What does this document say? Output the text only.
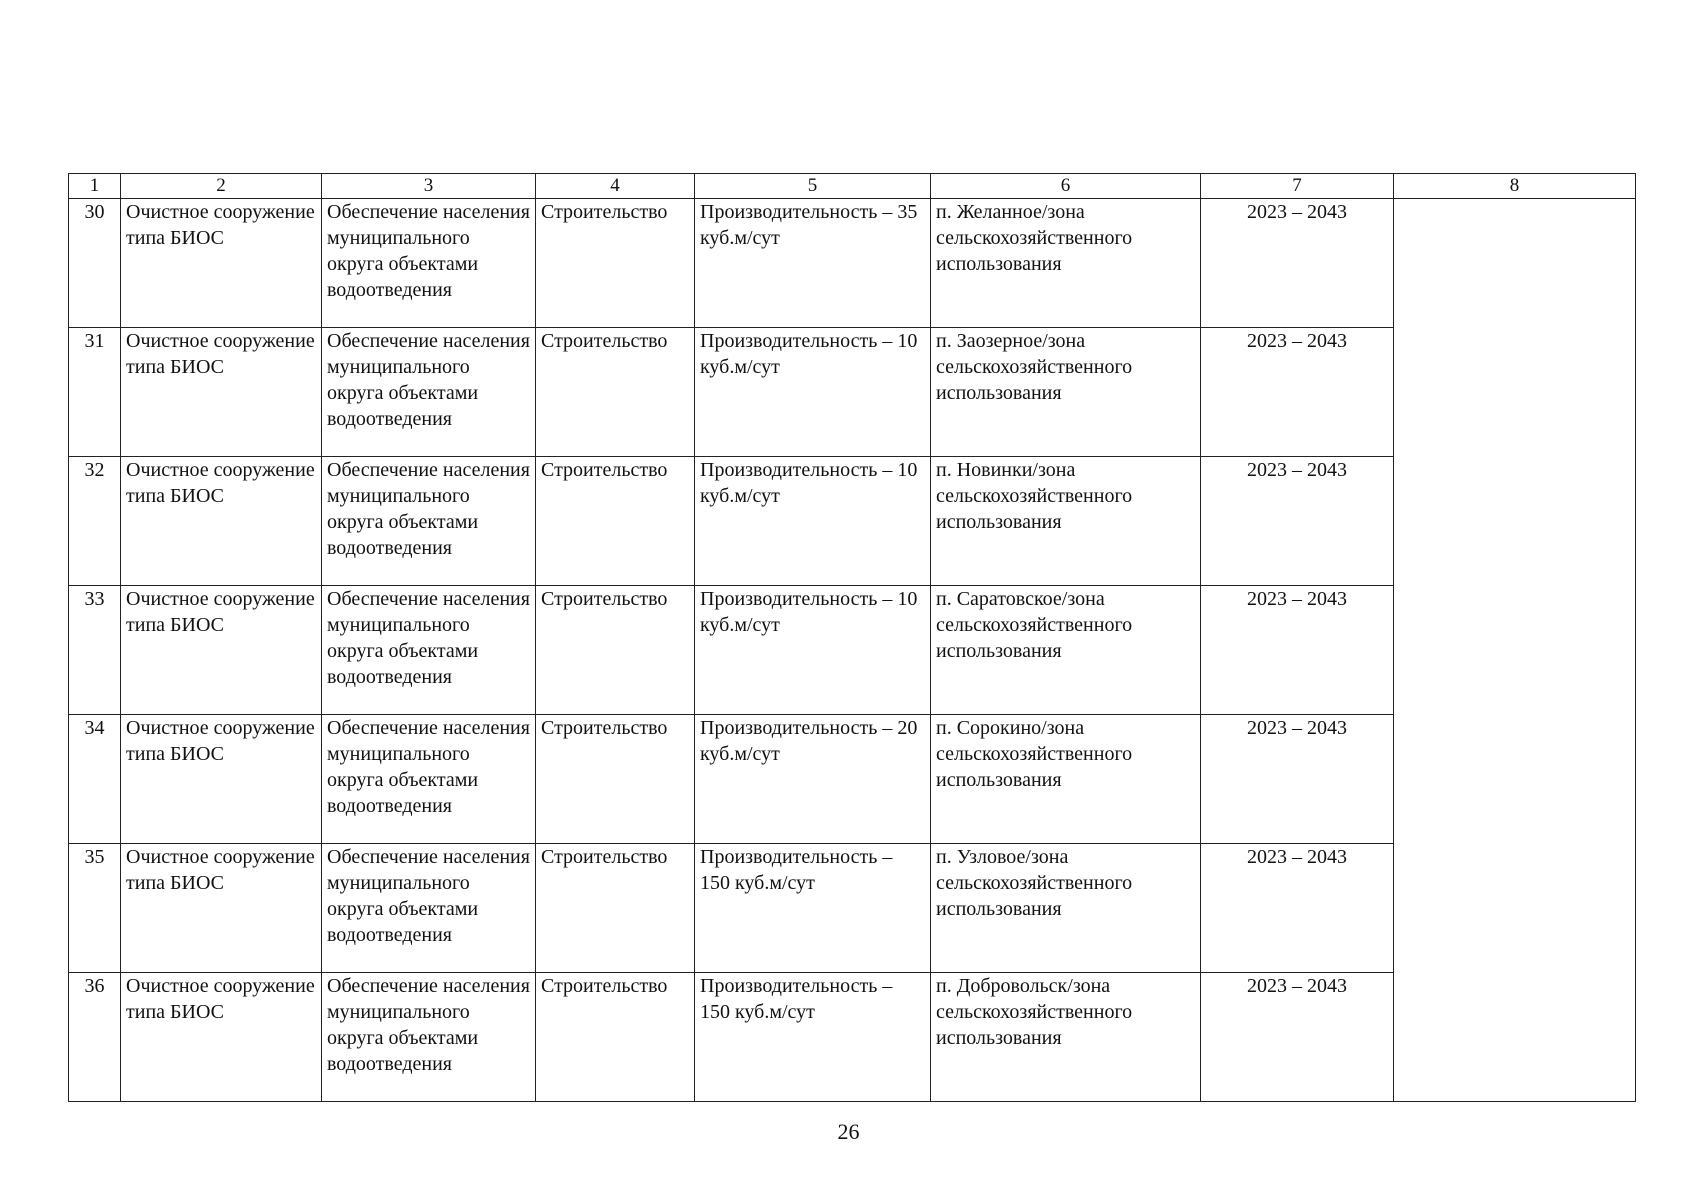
1	2	3	4	5	6	7	8
30	Очистное сооружение типа БИОС	Обеспечение населения муниципального округа объектами водоотведения	Строительство	Производительность – 35 куб.м/сут	п. Желанное/зона сельскохозяйственного использования	2023 – 2043	
31	Очистное сооружение типа БИОС	Обеспечение населения муниципального округа объектами водоотведения	Строительство	Производительность – 10 куб.м/сут	п. Заозерное/зона сельскохозяйственного использования	2023 – 2043	
32	Очистное сооружение типа БИОС	Обеспечение населения муниципального округа объектами водоотведения	Строительство	Производительность – 10 куб.м/сут	п. Новинки/зона сельскохозяйственного использования	2023 – 2043	
33	Очистное сооружение типа БИОС	Обеспечение населения муниципального округа объектами водоотведения	Строительство	Производительность – 10 куб.м/сут	п. Саратовское/зона сельскохозяйственного использования	2023 – 2043	
34	Очистное сооружение типа БИОС	Обеспечение населения муниципального округа объектами водоотведения	Строительство	Производительность – 20 куб.м/сут	п. Сорокино/зона сельскохозяйственного использования	2023 – 2043	
35	Очистное сооружение типа БИОС	Обеспечение населения муниципального округа объектами водоотведения	Строительство	Производительность – 150 куб.м/сут	п. Узловое/зона сельскохозяйственного использования	2023 – 2043	
36	Очистное сооружение типа БИОС	Обеспечение населения муниципального округа объектами водоотведения	Строительство	Производительность – 150 куб.м/сут	п. Добровольск/зона сельскохозяйственного использования	2023 – 2043	
26
